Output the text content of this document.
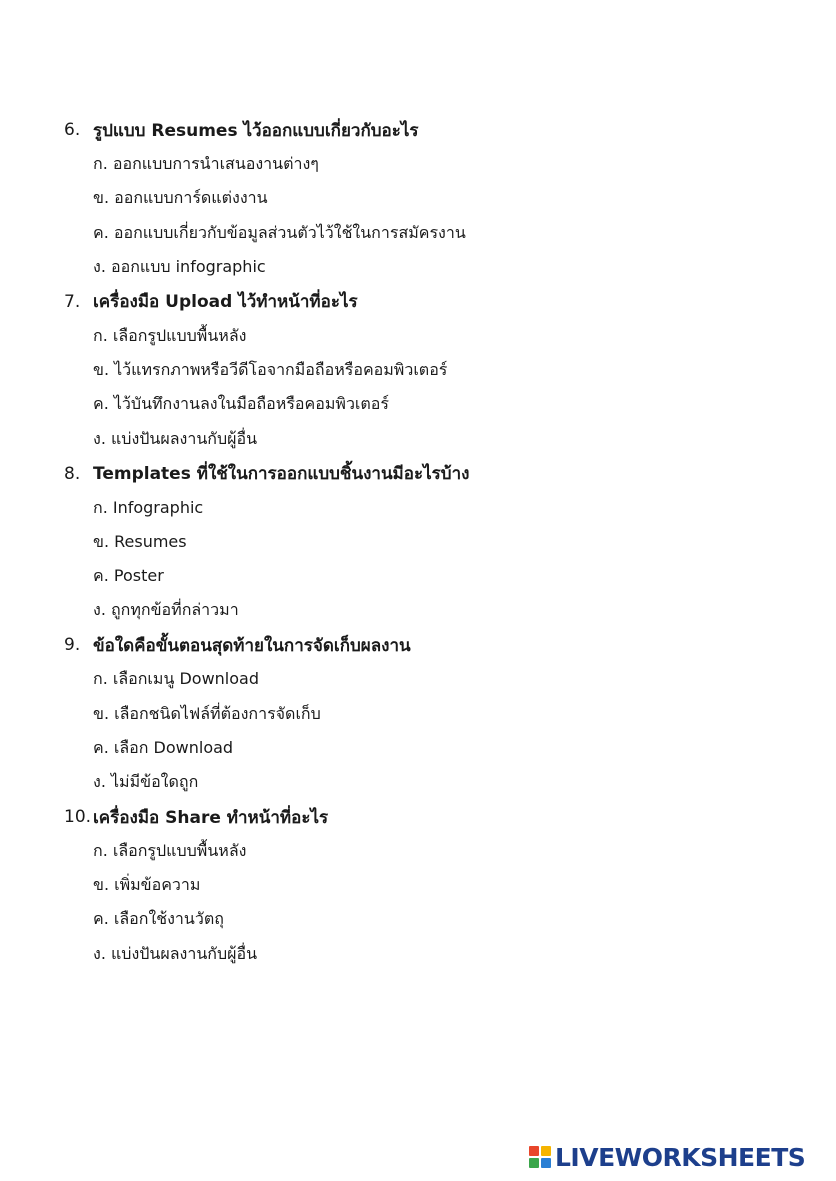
6. รูปแบบ Resumes ไว้ออกแบบเกี่ยวกับอะไร
ก. ออกแบบการนำเสนองานต่างๆ
ข. ออกแบบการ์ดแต่งงาน
ค. ออกแบบเกี่ยวกับข้อมูลส่วนตัวไว้ใช้ในการสมัครงาน
ง. ออกแบบ infographic
7. เครื่องมือ Upload ไว้ทำหน้าที่อะไร
ก. เลือกรูปแบบพื้นหลัง
ข. ไว้แทรกภาพหรือวีดีโอจากมือถือหรือคอมพิวเตอร์
ค. ไว้บันทึกงานลงในมือถือหรือคอมพิวเตอร์
ง. แบ่งปันผลงานกับผู้อื่น
8. Templates ที่ใช้ในการออกแบบชิ้นงานมีอะไรบ้าง
ก. Infographic
ข. Resumes
ค. Poster
ง. ถูกทุกข้อที่กล่าวมา
9. ข้อใดคือขั้นตอนสุดท้ายในการจัดเก็บผลงาน
ก. เลือกเมนู Download
ข. เลือกชนิดไฟล์ที่ต้องการจัดเก็บ
ค. เลือก Download
ง. ไม่มีข้อใดถูก
10. เครื่องมือ Share ทำหน้าที่อะไร
ก. เลือกรูปแบบพื้นหลัง
ข. เพิ่มข้อความ
ค. เลือกใช้งานวัตถุ
ง. แบ่งปันผลงานกับผู้อื่น
LIVEWORKSHEETS
